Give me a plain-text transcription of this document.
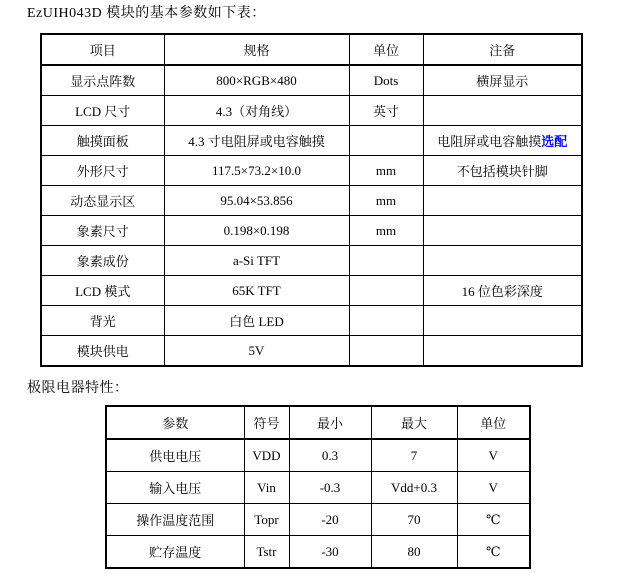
EzUIH043D 模块的基本参数如下表：
项目	规格	单位	注备
显示点阵数	800×RGB×480	Dots	横屏显示
LCD 尺寸	4.3（对角线）	英寸	
触摸面板	4.3 寸电阻屏或电容触摸		电阻屏或电容触摸选配
外形尺寸	117.5×73.2×10.0	mm	不包括模块针脚
动态显示区	95.04×53.856	mm	
象素尺寸	0.198×0.198	mm	
象素成份	a-Si TFT		
LCD 模式	65K TFT		16 位色彩深度
背光	白色 LED		
模块供电	5V		
极限电器特性：
参数	符号	最小	最大	单位
供电电压	VDD	0.3	7	V
输入电压	Vin	-0.3	Vdd+0.3	V
操作温度范围	Topr	-20	70	℃
贮存温度	Tstr	-30	80	℃
